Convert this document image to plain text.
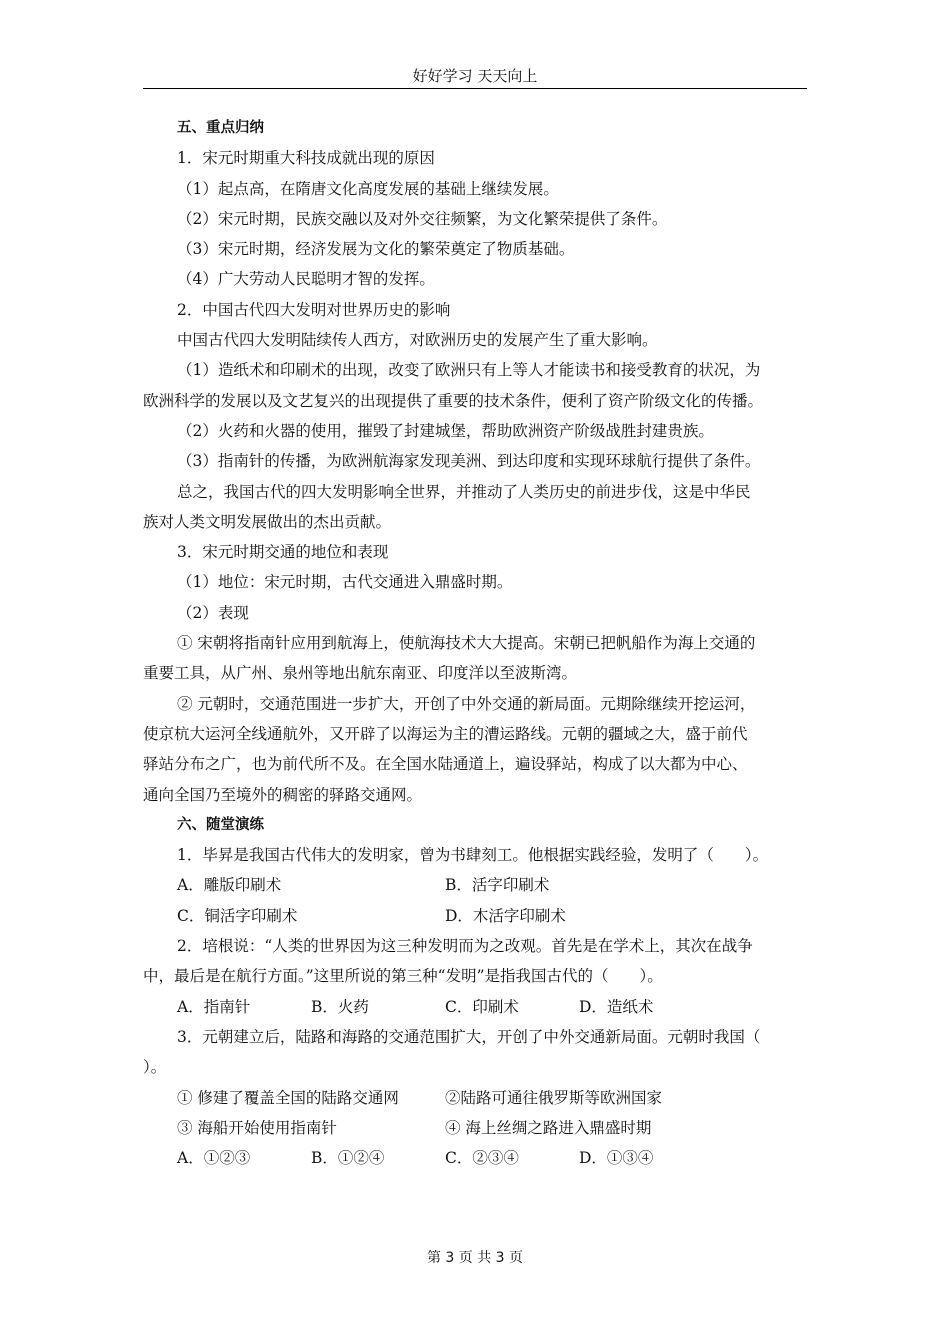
好好学习 天天向上
五、重点归纳
1．宋元时期重大科技成就出现的原因
（1）起点高，在隋唐文化高度发展的基础上继续发展。
（2）宋元时期，民族交融以及对外交往频繁，为文化繁荣提供了条件。
（3）宋元时期，经济发展为文化的繁荣奠定了物质基础。
（4）广大劳动人民聪明才智的发挥。
2．中国古代四大发明对世界历史的影响
中国古代四大发明陆续传人西方，对欧洲历史的发展产生了重大影响。
（1）造纸术和印刷术的出现，改变了欧洲只有上等人才能读书和接受教育的状况，为
欧洲科学的发展以及文艺复兴的出现提供了重要的技术条件，便利了资产阶级文化的传播。
（2）火药和火器的使用，摧毁了封建城堡，帮助欧洲资产阶级战胜封建贵族。
（3）指南针的传播，为欧洲航海家发现美洲、到达印度和实现环球航行提供了条件。
总之，我国古代的四大发明影响全世界，并推动了人类历史的前进步伐，这是中华民
族对人类文明发展做出的杰出贡献。
3．宋元时期交通的地位和表现
（1）地位：宋元时期，古代交通进入鼎盛时期。
（2）表现
① 宋朝将指南针应用到航海上，使航海技术大大提高。宋朝已把帆船作为海上交通的
重要工具，从广州、泉州等地出航东南亚、印度洋以至波斯湾。
② 元朝时，交通范围进一步扩大，开创了中外交通的新局面。元期除继续开挖运河，
使京杭大运河全线通航外，又开辟了以海运为主的漕运路线。元朝的疆域之大，盛于前代
驿站分布之广，也为前代所不及。在全国水陆通道上，遍设驿站，构成了以大都为中心、
通向全国乃至境外的稠密的驿路交通网。
六、随堂演练
1．毕昇是我国古代伟大的发明家，曾为书肆刻工。他根据实践经验，发明了（　　）。
A．雕版印刷术	B．活字印刷术
C．铜活字印刷术	D．木活字印刷术
2．培根说：“人类的世界因为这三种发明而为之改观。首先是在学术上，其次在战争
中，最后是在航行方面。”这里所说的第三种“发明”是指我国古代的（　　）。
A．指南针	B．火药	C．印刷术	D．造纸术
3．元朝建立后，陆路和海路的交通范围扩大，开创了中外交通新局面。元朝时我国（
）。
① 修建了覆盖全国的陆路交通网	②陆路可通往俄罗斯等欧洲国家
③ 海船开始使用指南针	④ 海上丝绸之路进入鼎盛时期
A．①②③	B．①②④	C．②③④	D．①③④
第 3 页 共 3 页
